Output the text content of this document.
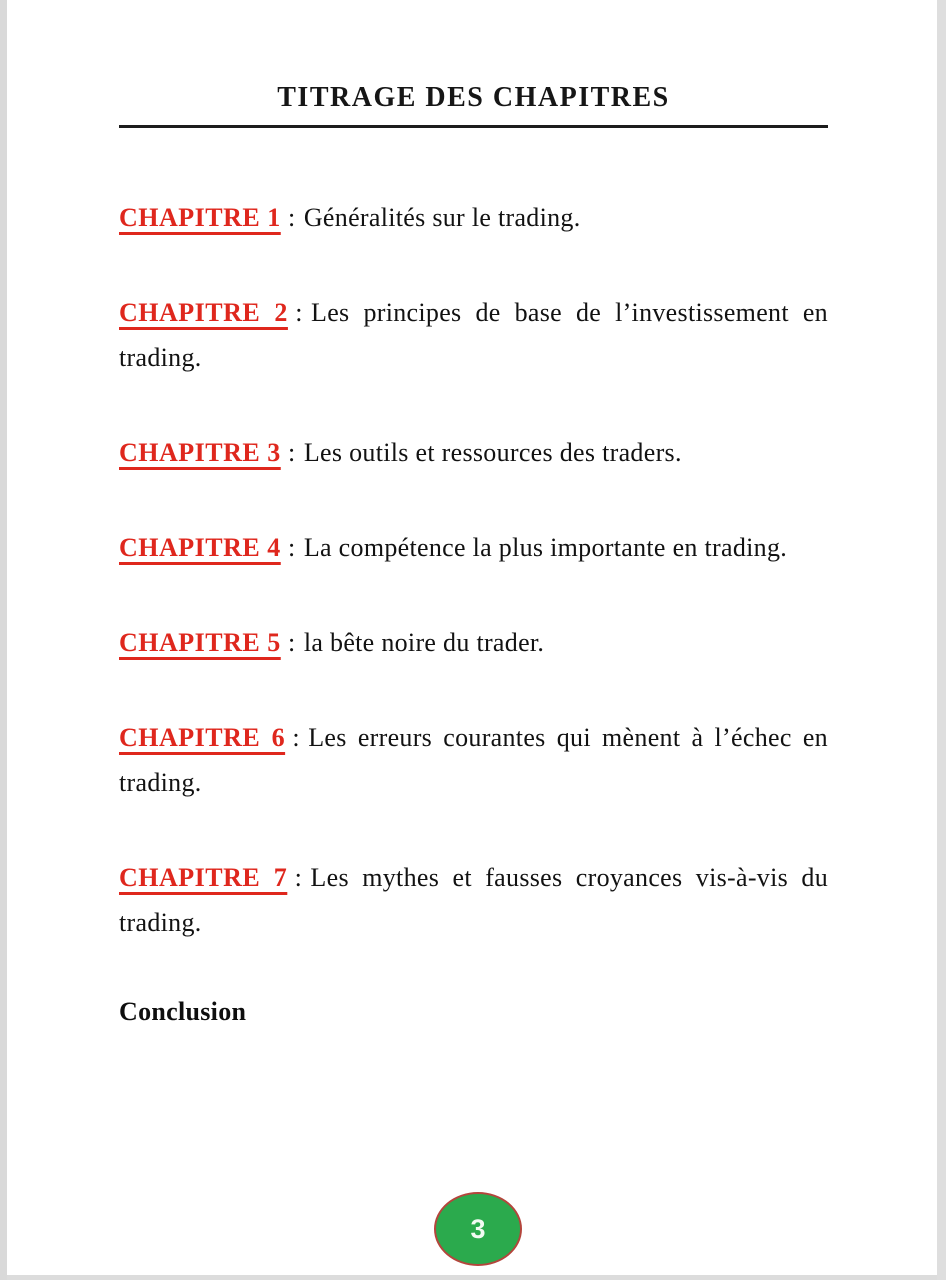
TITRAGE DES CHAPITRES

CHAPITRE 1 : Généralités sur le trading.

CHAPITRE 2 : Les principes de base de l’investissement en trading.

CHAPITRE 3 : Les outils et ressources des traders.

CHAPITRE 4 : La compétence la plus importante en trading.

CHAPITRE 5 : la bête noire du trader.

CHAPITRE 6 : Les erreurs courantes qui mènent à l’échec en trading.

CHAPITRE 7 : Les mythes et fausses croyances vis-à-vis du trading.

Conclusion

3
